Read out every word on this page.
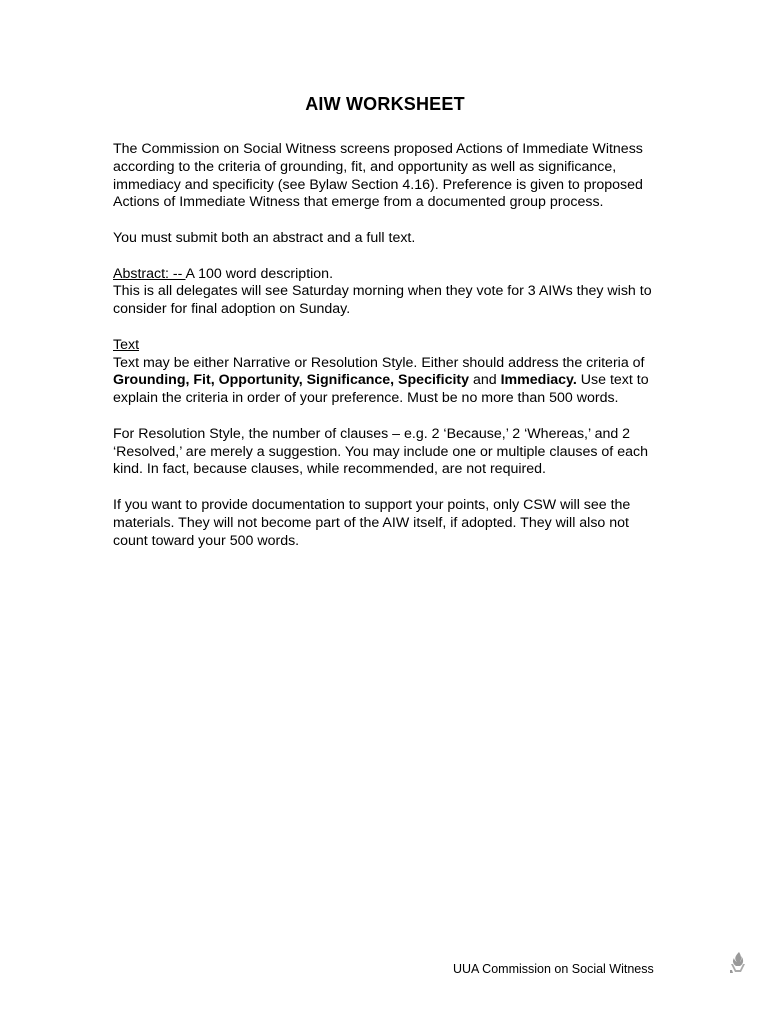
AIW WORKSHEET

The Commission on Social Witness screens proposed Actions of Immediate Witness according to the criteria of grounding, fit, and opportunity as well as significance, immediacy and specificity (see Bylaw Section 4.16). Preference is given to proposed Actions of Immediate Witness that emerge from a documented group process.

You must submit both an abstract and a full text.

Abstract: -- A 100 word description.
This is all delegates will see Saturday morning when they vote for 3 AIWs they wish to consider for final adoption on Sunday.

Text
Text may be either Narrative or Resolution Style. Either should address the criteria of Grounding, Fit, Opportunity, Significance, Specificity and Immediacy. Use text to explain the criteria in order of your preference. Must be no more than 500 words.

For Resolution Style, the number of clauses – e.g. 2 ‘Because,’ 2 ‘Whereas,’ and 2 ‘Resolved,’ are merely a suggestion. You may include one or multiple clauses of each kind. In fact, because clauses, while recommended, are not required.

If you want to provide documentation to support your points, only CSW will see the materials. They will not become part of the AIW itself, if adopted. They will also not count toward your 500 words.

UUA Commission on Social Witness
